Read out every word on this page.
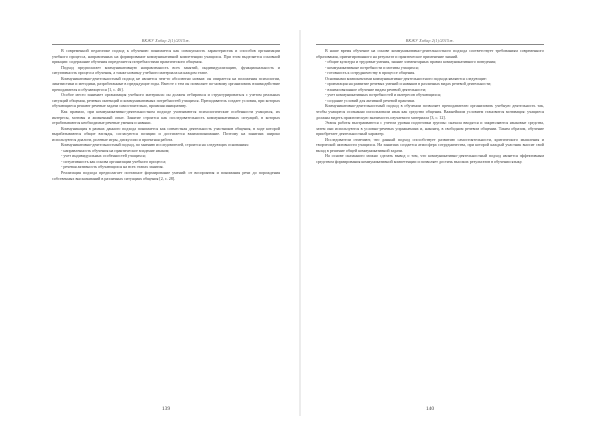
ВКЖУ Хабар 2(1)/2015ж.

В современной педагогике подход к обучению понимается как совокупность характеристик и способов организации учебного процесса, направленных на формирование коммуникативной компетенции учащихся. При этом выделяется основной принцип: содержание обучения определяется потребностями практического общения.

Подход предполагает коммуникативную направленность всех занятий, индивидуализацию, функциональность и ситуативность процесса обучения, а также новизну учебного материала на каждом этапе.

Коммуникативно-деятельностный подход не является чем-то абсолютно новым: он опирается на положения психологии, лингвистики и методики, разработанные в предыдущие годы. Вместе с тем он позволяет по-новому организовать взаимодействие преподавателя и обучающегося [1, с. 46].

Особое место занимает организация учебного материала: он должен отбираться и структурироваться с учетом реальных ситуаций общения, речевых интенций и коммуникативных потребностей учащихся. Преподаватель создает условия, при которых обучающиеся решают речевые задачи самостоятельно, проявляя инициативу.

Как правило, при коммуникативно-деятельностном подходе учитываются психологические особенности учащихся, их интересы, мотивы и жизненный опыт. Занятие строится как последовательность коммуникативных ситуаций, в которых отрабатываются необходимые речевые умения и навыки.

Коммуникация в рамках данного подхода понимается как совместная деятельность участников общения, в ходе которой вырабатываются общие взгляды, согласуются позиции и достигается взаимопонимание. Поэтому на занятиях широко используются диалоги, ролевые игры, дискуссии и проектная работа.

Коммуникативно-деятельностный подход, по мнению исследователей, строится на следующих основаниях:

- направленность обучения на практическое владение языком;

- учет индивидуальных особенностей учащихся;

- ситуативность как основа организации учебного процесса;

- речевая активность обучающихся на всех этапах занятия.

Реализация подхода предполагает поэтапное формирование умений: от восприятия и понимания речи до порождения собственных высказываний в различных ситуациях общения [2, с. 28].

139
ВКЖУ Хабар 2(1)/2015ж.

В наше время обучение на основе коммуникативно-деятельностного подхода соответствует требованиям современного образования, ориентированного на результат и практическое применение знаний.

- общие культура и трудовые умения, знание элементарных правил коммуникативного поведения;

- коммуникативные потребности и мотивы учащихся;

- готовность к сотрудничеству в процессе общения.

Основными компонентами коммуникативно-деятельностного подхода являются следующие:

- ориентация на развитие речевых умений и навыков в различных видах речевой деятельности;

- взаимосвязанное обучение видам речевой деятельности;

- учет коммуникативных потребностей и интересов обучающихся;

- создание условий для активной речевой практики.

Коммуникативно-деятельностный подход в обучении позволяет преподавателю организовать учебную деятельность так, чтобы учащиеся осознанно использовали язык как средство общения. Важнейшим условием становится мотивация: учащиеся должны видеть практическую значимость изучаемого материала [3, с. 12].

Этапы работы выстраиваются с учетом уровня подготовки группы: сначала вводятся и закрепляются языковые средства, затем они используются в условно-речевых упражнениях и, наконец, в свободном речевом общении. Таким образом, обучение приобретает деятельностный характер.

Исследователи отмечают, что данный подход способствует развитию самостоятельности, критического мышления и творческой активности учащихся. На занятиях создается атмосфера сотрудничества, при которой каждый участник вносит свой вклад в решение общей коммуникативной задачи.

На основе сказанного можно сделать вывод о том, что коммуникативно-деятельностный подход является эффективным средством формирования коммуникативной компетенции и позволяет достичь высоких результатов в обучении языку.

140
